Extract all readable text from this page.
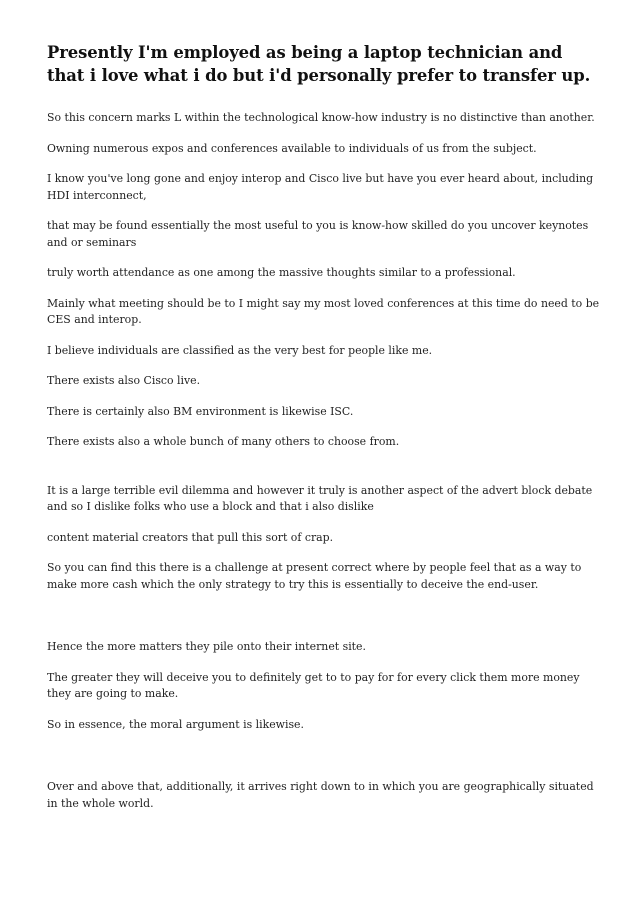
Presently I'm employed as being a laptop technician and that i love what i do but i'd personally prefer to transfer up.

So this concern marks L within the technological know-how industry is no distinctive than another.

Owning numerous expos and conferences available to individuals of us from the subject.

I know you've long gone and enjoy interop and Cisco live but have you ever heard about, including HDI interconnect,

that may be found essentially the most useful to you is know-how skilled do you uncover keynotes and or seminars

truly worth attendance as one among the massive thoughts similar to a professional.

Mainly what meeting should be to I might say my most loved conferences at this time do need to be CES and interop.

I believe individuals are classified as the very best for people like me.

There exists also Cisco live.

There is certainly also BM environment is likewise ISC.

There exists also a whole bunch of many others to choose from.

It is a large terrible evil dilemma and however it truly is another aspect of the advert block debate and so I dislike folks who use a block and that i also dislike

content material creators that pull this sort of crap.

So you can find this there is a challenge at present correct where by people feel that as a way to make more cash which the only strategy to try this is essentially to deceive the end-user.

Hence the more matters they pile onto their internet site.

The greater they will deceive you to definitely get to to pay for for every click them more money they are going to make.

So in essence, the moral argument is likewise.

Over and above that, additionally, it arrives right down to in which you are geographically situated in the whole world.
